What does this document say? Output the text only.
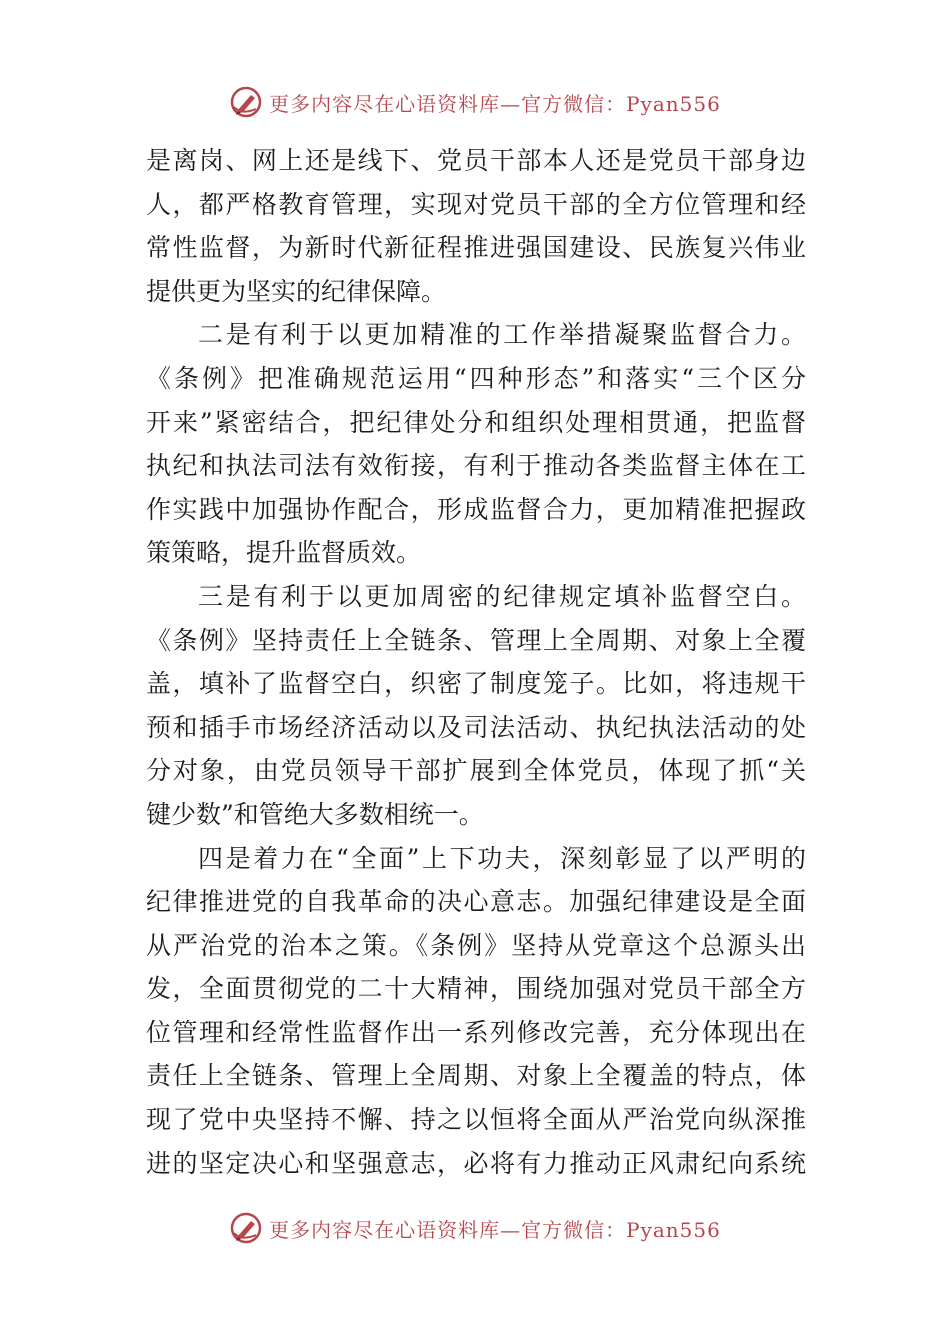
更多内容尽在心语资料库—官方微信：Pyan556
是离岗、网上还是线下、党员干部本人还是党员干部身边
人，都严格教育管理，实现对党员干部的全方位管理和经
常性监督，为新时代新征程推进强国建设、民族复兴伟业
提供更为坚实的纪律保障。
二是有利于以更加精准的工作举措凝聚监督合力。
《条例》把准确规范运用“四种形态”和落实“三个区分
开来”紧密结合，把纪律处分和组织处理相贯通，把监督
执纪和执法司法有效衔接，有利于推动各类监督主体在工
作实践中加强协作配合，形成监督合力，更加精准把握政
策策略，提升监督质效。
三是有利于以更加周密的纪律规定填补监督空白。
《条例》坚持责任上全链条、管理上全周期、对象上全覆
盖，填补了监督空白，织密了制度笼子。比如，将违规干
预和插手市场经济活动以及司法活动、执纪执法活动的处
分对象，由党员领导干部扩展到全体党员，体现了抓“关
键少数”和管绝大多数相统一。
四是着力在“全面”上下功夫，深刻彰显了以严明的
纪律推进党的自我革命的决心意志。加强纪律建设是全面
从严治党的治本之策。《条例》坚持从党章这个总源头出
发，全面贯彻党的二十大精神，围绕加强对党员干部全方
位管理和经常性监督作出一系列修改完善，充分体现出在
责任上全链条、管理上全周期、对象上全覆盖的特点，体
现了党中央坚持不懈、持之以恒将全面从严治党向纵深推
进的坚定决心和坚强意志，必将有力推动正风肃纪向系统
更多内容尽在心语资料库—官方微信：Pyan556
